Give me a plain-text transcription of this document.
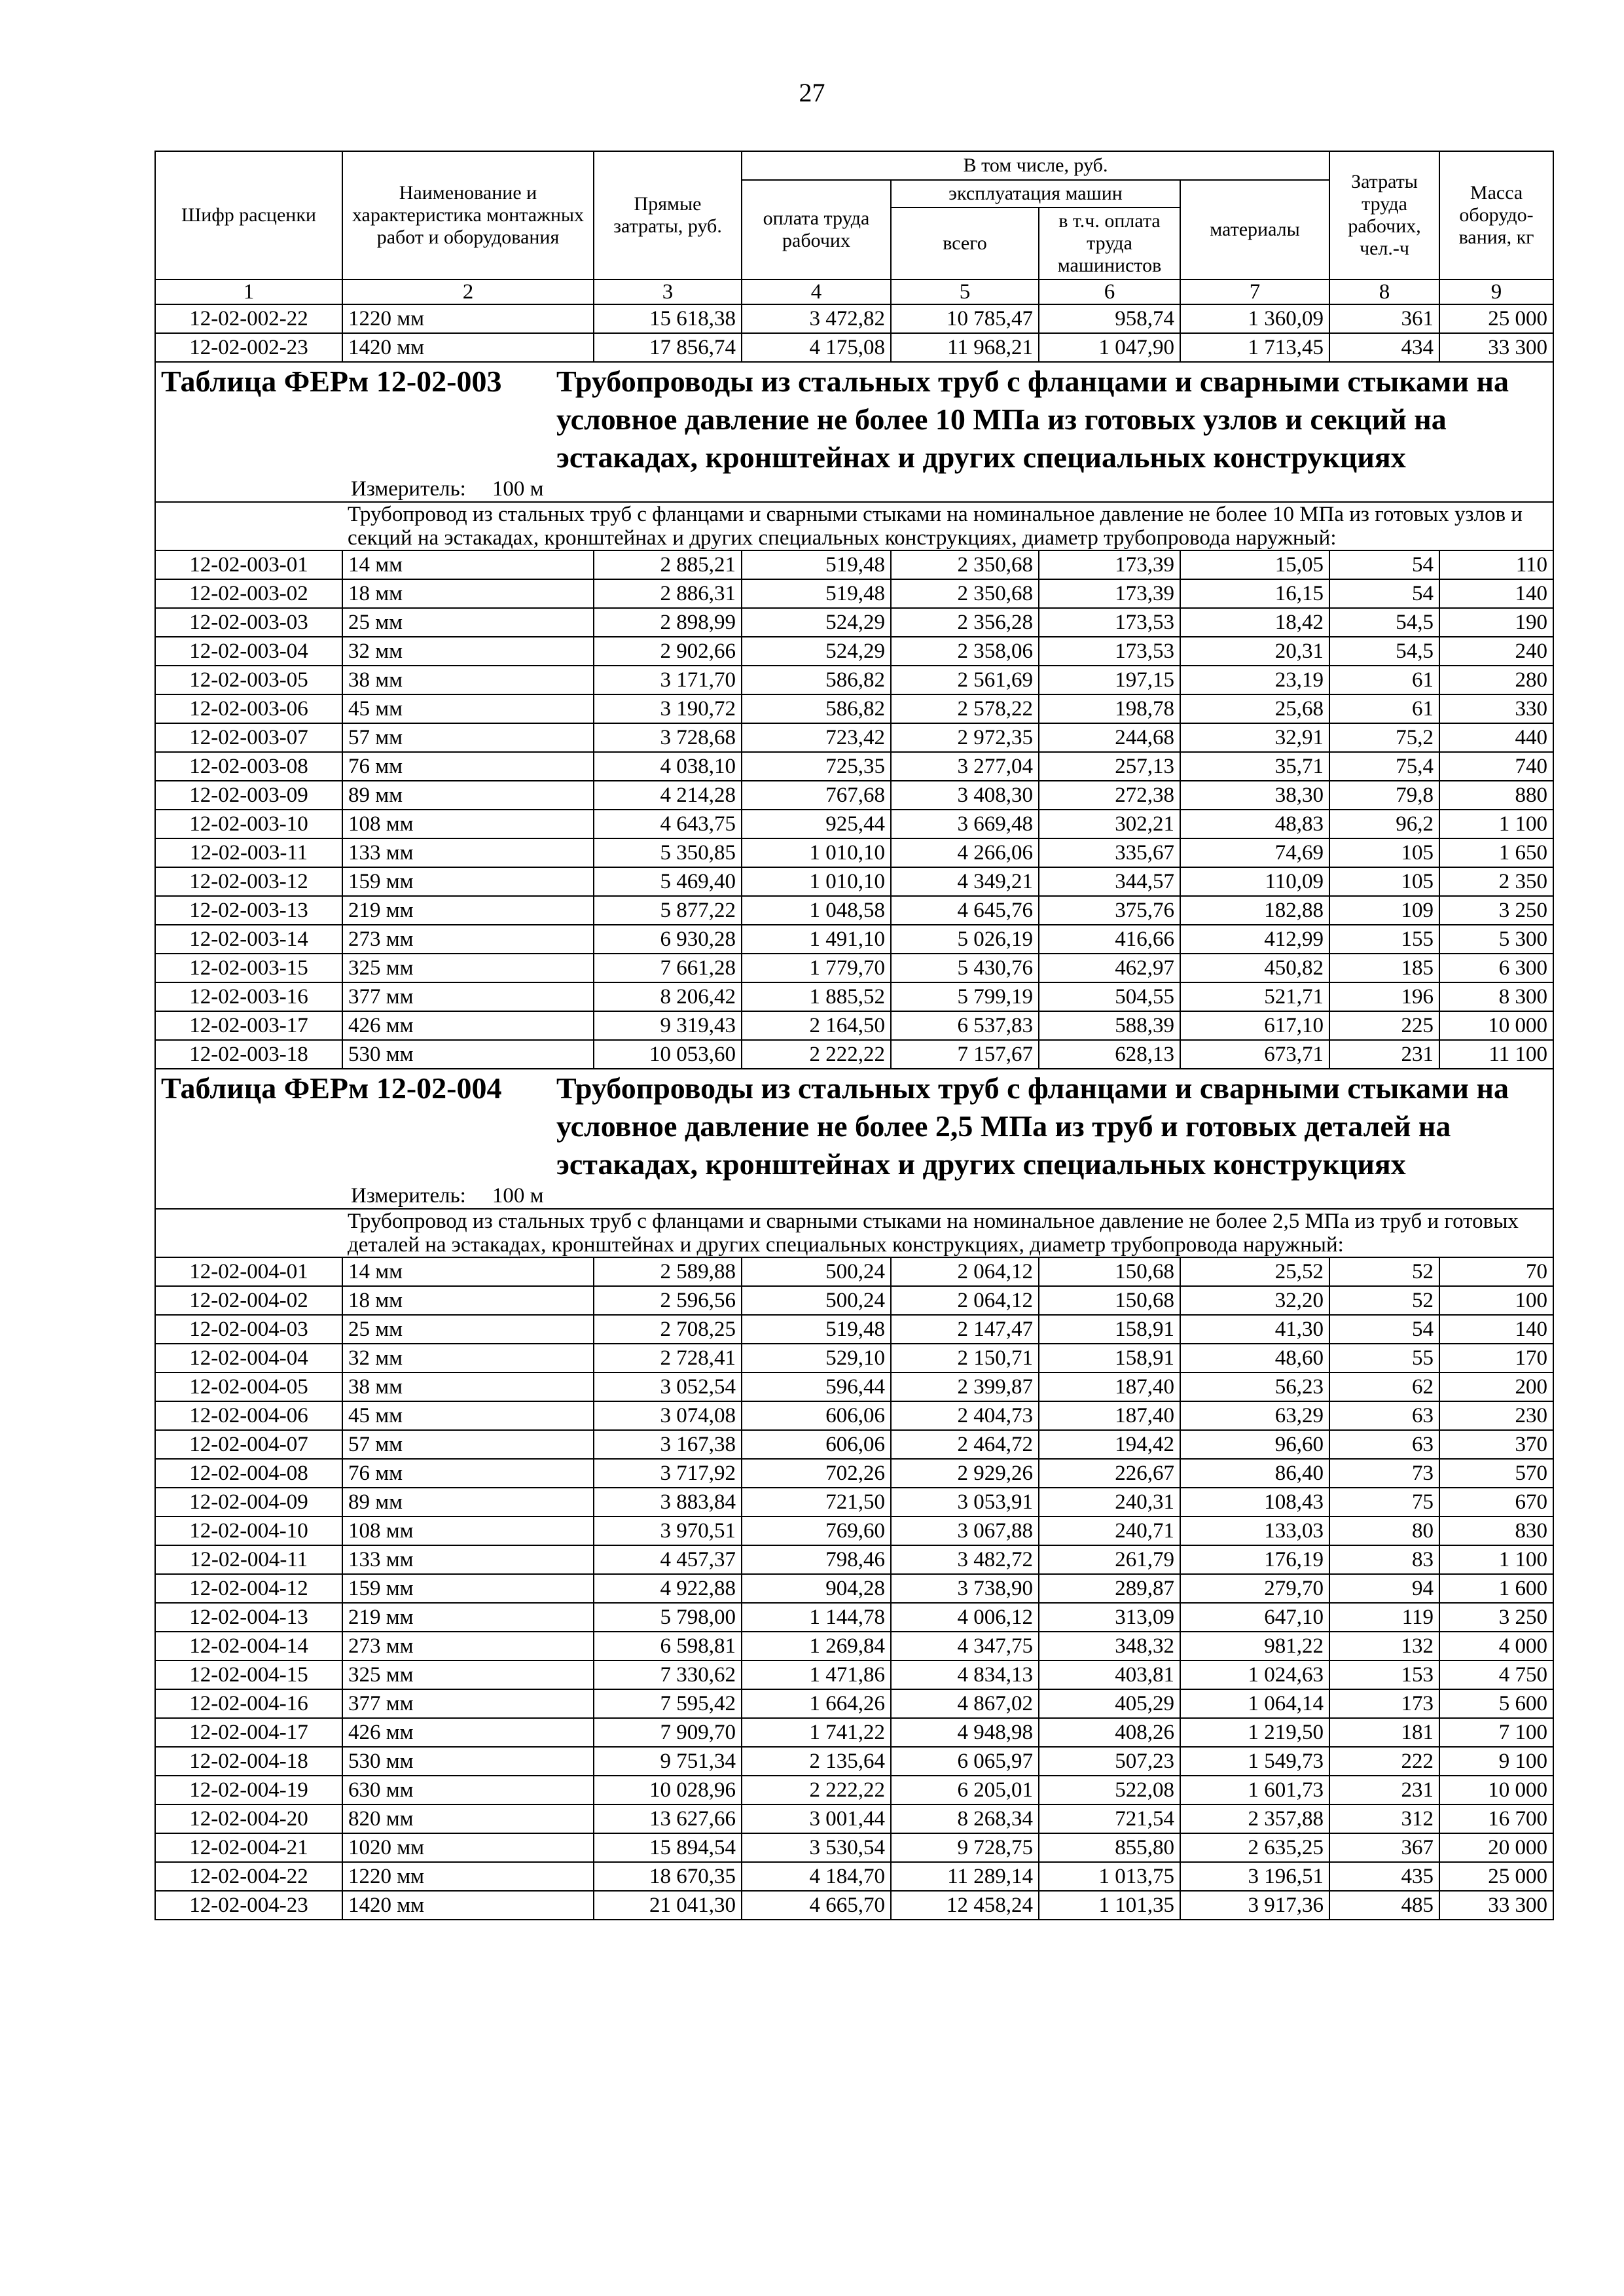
27
Шифр расценки	Наименование и характеристика монтажных работ и оборудования	Прямые затраты, руб.	В том числе, руб.				Затраты труда рабочих, чел.-ч	Масса оборудо-вания, кг
			оплата труда рабочих	эксплуатация машин		материалы		
				всего	в т.ч. оплата труда машинистов			
1	2	3	4	5	6	7	8	9
12-02-002-22	1220 мм	15 618,38	3 472,82	10 785,47	958,74	1 360,09	361	25 000
12-02-002-23	1420 мм	17 856,74	4 175,08	11 968,21	1 047,90	1 713,45	434	33 300

Таблица ФЕРм 12-02-003 Трубопроводы из стальных труб с фланцами и сварными стыками на условное давление не более 10 МПа из готовых узлов и секций на эстакадах, кронштейнах и других специальных конструкциях
Измеритель: 100 м								

	Трубопровод из стальных труб с фланцами и сварными стыками на номинальное давление не более 10 МПа из готовых узлов и секций на эстакадах, кронштейнах и других специальных конструкциях, диаметр трубопровода наружный:							
12-02-003-01	14 мм	2 885,21	519,48	2 350,68	173,39	15,05	54	110
12-02-003-02	18 мм	2 886,31	519,48	2 350,68	173,39	16,15	54	140
12-02-003-03	25 мм	2 898,99	524,29	2 356,28	173,53	18,42	54,5	190
12-02-003-04	32 мм	2 902,66	524,29	2 358,06	173,53	20,31	54,5	240
12-02-003-05	38 мм	3 171,70	586,82	2 561,69	197,15	23,19	61	280
12-02-003-06	45 мм	3 190,72	586,82	2 578,22	198,78	25,68	61	330
12-02-003-07	57 мм	3 728,68	723,42	2 972,35	244,68	32,91	75,2	440
12-02-003-08	76 мм	4 038,10	725,35	3 277,04	257,13	35,71	75,4	740
12-02-003-09	89 мм	4 214,28	767,68	3 408,30	272,38	38,30	79,8	880
12-02-003-10	108 мм	4 643,75	925,44	3 669,48	302,21	48,83	96,2	1 100
12-02-003-11	133 мм	5 350,85	1 010,10	4 266,06	335,67	74,69	105	1 650
12-02-003-12	159 мм	5 469,40	1 010,10	4 349,21	344,57	110,09	105	2 350
12-02-003-13	219 мм	5 877,22	1 048,58	4 645,76	375,76	182,88	109	3 250
12-02-003-14	273 мм	6 930,28	1 491,10	5 026,19	416,66	412,99	155	5 300
12-02-003-15	325 мм	7 661,28	1 779,70	5 430,76	462,97	450,82	185	6 300
12-02-003-16	377 мм	8 206,42	1 885,52	5 799,19	504,55	521,71	196	8 300
12-02-003-17	426 мм	9 319,43	2 164,50	6 537,83	588,39	617,10	225	10 000
12-02-003-18	530 мм	10 053,60	2 222,22	7 157,67	628,13	673,71	231	11 100

Таблица ФЕРм 12-02-004 Трубопроводы из стальных труб с фланцами и сварными стыками на условное давление не более 2,5 МПа из труб и готовых деталей на эстакадах, кронштейнах и других специальных конструкциях
Измеритель: 100 м								

	Трубопровод из стальных труб с фланцами и сварными стыками на номинальное давление не более 2,5 МПа из труб и готовых деталей на эстакадах, кронштейнах и других специальных конструкциях, диаметр трубопровода наружный:							
12-02-004-01	14 мм	2 589,88	500,24	2 064,12	150,68	25,52	52	70
12-02-004-02	18 мм	2 596,56	500,24	2 064,12	150,68	32,20	52	100
12-02-004-03	25 мм	2 708,25	519,48	2 147,47	158,91	41,30	54	140
12-02-004-04	32 мм	2 728,41	529,10	2 150,71	158,91	48,60	55	170
12-02-004-05	38 мм	3 052,54	596,44	2 399,87	187,40	56,23	62	200
12-02-004-06	45 мм	3 074,08	606,06	2 404,73	187,40	63,29	63	230
12-02-004-07	57 мм	3 167,38	606,06	2 464,72	194,42	96,60	63	370
12-02-004-08	76 мм	3 717,92	702,26	2 929,26	226,67	86,40	73	570
12-02-004-09	89 мм	3 883,84	721,50	3 053,91	240,31	108,43	75	670
12-02-004-10	108 мм	3 970,51	769,60	3 067,88	240,71	133,03	80	830
12-02-004-11	133 мм	4 457,37	798,46	3 482,72	261,79	176,19	83	1 100
12-02-004-12	159 мм	4 922,88	904,28	3 738,90	289,87	279,70	94	1 600
12-02-004-13	219 мм	5 798,00	1 144,78	4 006,12	313,09	647,10	119	3 250
12-02-004-14	273 мм	6 598,81	1 269,84	4 347,75	348,32	981,22	132	4 000
12-02-004-15	325 мм	7 330,62	1 471,86	4 834,13	403,81	1 024,63	153	4 750
12-02-004-16	377 мм	7 595,42	1 664,26	4 867,02	405,29	1 064,14	173	5 600
12-02-004-17	426 мм	7 909,70	1 741,22	4 948,98	408,26	1 219,50	181	7 100
12-02-004-18	530 мм	9 751,34	2 135,64	6 065,97	507,23	1 549,73	222	9 100
12-02-004-19	630 мм	10 028,96	2 222,22	6 205,01	522,08	1 601,73	231	10 000
12-02-004-20	820 мм	13 627,66	3 001,44	8 268,34	721,54	2 357,88	312	16 700
12-02-004-21	1020 мм	15 894,54	3 530,54	9 728,75	855,80	2 635,25	367	20 000
12-02-004-22	1220 мм	18 670,35	4 184,70	11 289,14	1 013,75	3 196,51	435	25 000
12-02-004-23	1420 мм	21 041,30	4 665,70	12 458,24	1 101,35	3 917,36	485	33 300
